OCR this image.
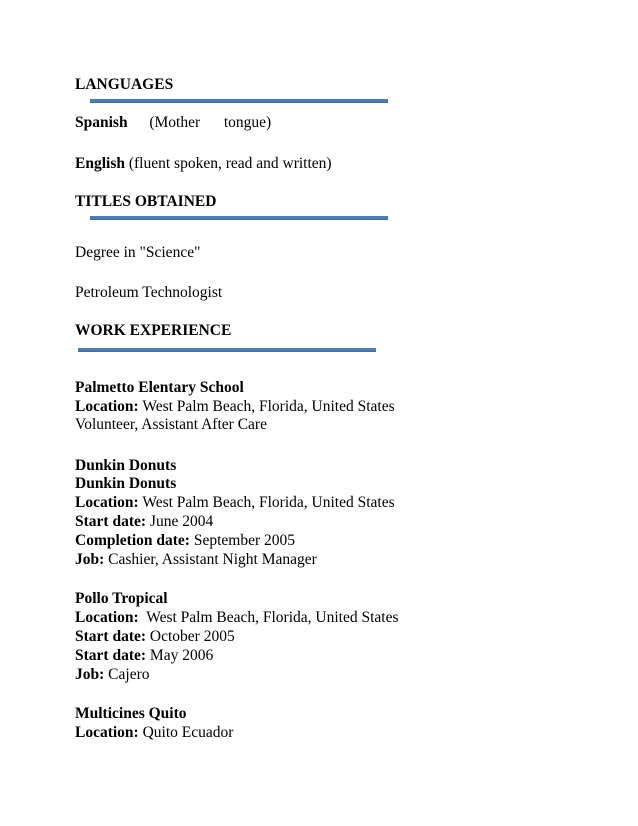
LANGUAGES
Spanish (Mother tongue)
English (fluent spoken, read and written)
TITLES OBTAINED
Degree in "Science"
Petroleum Technologist
WORK EXPERIENCE
Palmetto Elentary School
Location: West Palm Beach, Florida, United States
Volunteer, Assistant After Care
Dunkin Donuts
Dunkin Donuts
Location: West Palm Beach, Florida, United States
Start date: June 2004
Completion date: September 2005
Job: Cashier, Assistant Night Manager
Pollo Tropical
Location:  West Palm Beach, Florida, United States
Start date: October 2005
Start date: May 2006
Job: Cajero
Multicines Quito
Location: Quito Ecuador
